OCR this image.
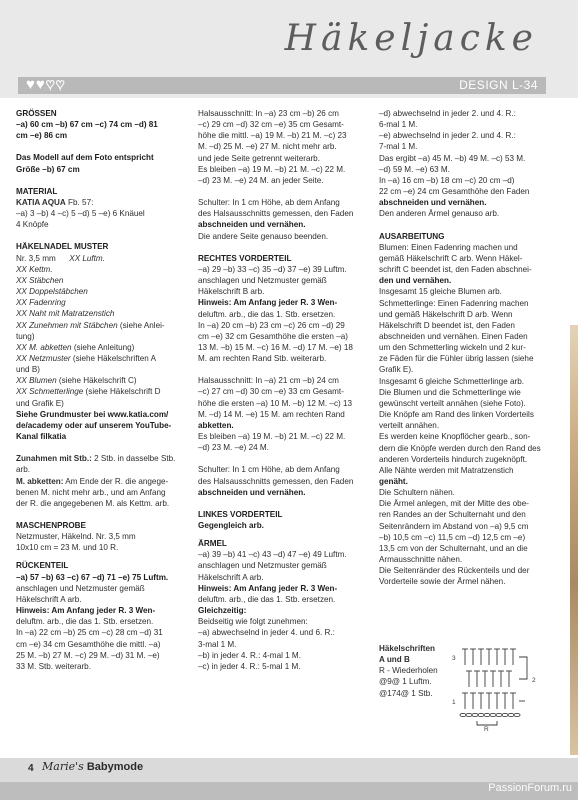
Häkeljacke
♥ ♥ ♥ ♥	DESIGN L-34

GRÖSSEN

–a) 60 cm –b) 67 cm –c) 74 cm –d) 81

cm –e) 86 cm

Das Modell auf dem Foto entspricht

Größe –b) 67 cm

MATERIAL

KATIA AQUA Fb. 57:

–a) 3 –b) 4 –c) 5 –d) 5 –e) 6 Knäuel

4 Knöpfe

HÄKELNADEL MUSTER

Nr. 3,5 mm XX Luftm.

XX Kettm.

XX Stäbchen

XX Doppelstäbchen

XX Fadenring

XX Naht mit Matratzenstich

XX Zunehmen mit Stäbchen (siehe Anlei-

tung)

XX M. abketten (siehe Anleitung)

XX Netzmuster (siehe Häkelschriften A

und B)

XX Blumen (siehe Häkelschrift C)

XX Schmetterlinge (siehe Häkelschrift D

und Grafik E)

Siehe Grundmuster bei www.katia.com/

de/academy oder auf unserem YouTube-

Kanal filkatia

Zunahmen mit Stb.: 2 Stb. in dasselbe Stb.

arb.

M. abketten: Am Ende der R. die angege-

benen M. nicht mehr arb., und am Anfang

der R. die angegebenen M. als Kettm. arb.

MASCHENPROBE

Netzmuster, Häkelnd. Nr. 3,5 mm

10x10 cm = 23 M. und 10 R.

RÜCKENTEIL

–a) 57 –b) 63 –c) 67 –d) 71 –e) 75 Luftm.

anschlagen und Netzmuster gemäß

Häkelschrift A arb.

Hinweis: Am Anfang jeder R. 3 Wen-

deluftm. arb., die das 1. Stb. ersetzen.

In –a) 22 cm –b) 25 cm –c) 28 cm –d) 31

cm –e) 34 cm Gesamthöhe die mittl. –a)

25 M. –b) 27 M. –c) 29 M. –d) 31 M. –e)

33 M. Stb. weiterarb.

Halsausschnitt: In –a) 23 cm –b) 26 cm

–c) 29 cm –d) 32 cm –e) 35 cm Gesamt-

höhe die mittl. –a) 19 M. –b) 21 M. –c) 23

M. –d) 25 M. –e) 27 M. nicht mehr arb.

und jede Seite getrennt weiterarb.

Es bleiben –a) 19 M. –b) 21 M. –c) 22 M.

–d) 23 M. –e) 24 M. an jeder Seite.

Schulter: In 1 cm Höhe, ab dem Anfang

des Halsausschnitts gemessen, den Faden

abschneiden und vernähen.

Die andere Seite genauso beenden.

RECHTES VORDERTEIL

–a) 29 –b) 33 –c) 35 –d) 37 –e) 39 Luftm.

anschlagen und Netzmuster gemäß

Häkelschrift B arb.

Hinweis: Am Anfang jeder R. 3 Wen-

deluftm. arb., die das 1. Stb. ersetzen.

In –a) 20 cm –b) 23 cm –c) 26 cm –d) 29

cm –e) 32 cm Gesamthöhe die ersten –a)

13 M. –b) 15 M. –c) 16 M. –d) 17 M. –e) 18

M. am rechten Rand Stb. weiterarb.

Halsausschnitt: In –a) 21 cm –b) 24 cm

–c) 27 cm –d) 30 cm –e) 33 cm Gesamt-

höhe die ersten –a) 10 M. –b) 12 M. –c) 13

M. –d) 14 M. –e) 15 M. am rechten Rand

abketten.

Es bleiben –a) 19 M. –b) 21 M. –c) 22 M.

–d) 23 M. –e) 24 M.

Schulter: In 1 cm Höhe, ab dem Anfang

des Halsausschnitts gemessen, den Faden

abschneiden und vernähen.

LINKES VORDERTEIL

Gegengleich arb.

ÄRMEL

–a) 39 –b) 41 –c) 43 –d) 47 –e) 49 Luftm.

anschlagen und Netzmuster gemäß

Häkelschrift A arb.

Hinweis: Am Anfang jeder R. 3 Wen-

deluftm. arb., die das 1. Stb. ersetzen.

Gleichzeitig:

Beidseitig wie folgt zunehmen:

–a) abwechselnd in jeder 4. und 6. R.:

3-mal 1 M.

–b) in jeder 4. R.: 4-mal 1 M.

–c) in jeder 4. R.: 5-mal 1 M.

–d) abwechselnd in jeder 2. und 4. R.:

6-mal 1 M.

–e) abwechselnd in jeder 2. und 4. R.:

7-mal 1 M.

Das ergibt –a) 45 M. –b) 49 M. –c) 53 M.

–d) 59 M. –e) 63 M.

In –a) 16 cm –b) 18 cm –c) 20 cm –d)

22 cm –e) 24 cm Gesamthöhe den Faden

abschneiden und vernähen.

Den anderen Ärmel genauso arb.

AUSARBEITUNG

Blumen: Einen Fadenring machen und

gemäß Häkelschrift C arb. Wenn Häkel-

schrift C beendet ist, den Faden abschnei-

den und vernähen.

Insgesamt 15 gleiche Blumen arb.

Schmetterlinge: Einen Fadenring machen

und gemäß Häkelschrift D arb. Wenn

Häkelschrift D beendet ist, den Faden

abschneiden und vernähen. Einen Faden

um den Schmetterling wickeln und 2 kur-

ze Fäden für die Fühler übrig lassen (siehe

Grafik E).

Insgesamt 6 gleiche Schmetterlinge arb.

Die Blumen und die Schmetterlinge wie

gewünscht verteilt annähen (siehe Foto).

Die Knöpfe am Rand des linken Vorderteils

verteilt annähen.

Es werden keine Knopflöcher gearb., son-

dern die Knöpfe werden durch den Rand des

anderen Vorderteils hindurch zugeknöpft.

Alle Nähte werden mit Matratzenstich

genäht.

Die Schultern nähen.

Die Ärmel anlegen, mit der Mitte des obe-

ren Randes an der Schulternaht und den

Seitenrändern im Abstand von –a) 9,5 cm

–b) 10,5 cm –c) 11,5 cm –d) 12,5 cm –e)

13,5 cm von der Schulternaht, und an die

Armausschnitte nähen.

Die Seitenränder des Rückenteils und der

Vorderteile sowie der Ärmel nähen.

Häkelschriften

A und B

R - Wiederholen

@9@ 1 Luftm.

@174@ 1 Stb.

3
2
1
R
4 Marie's Babymode
PassionForum.ru
